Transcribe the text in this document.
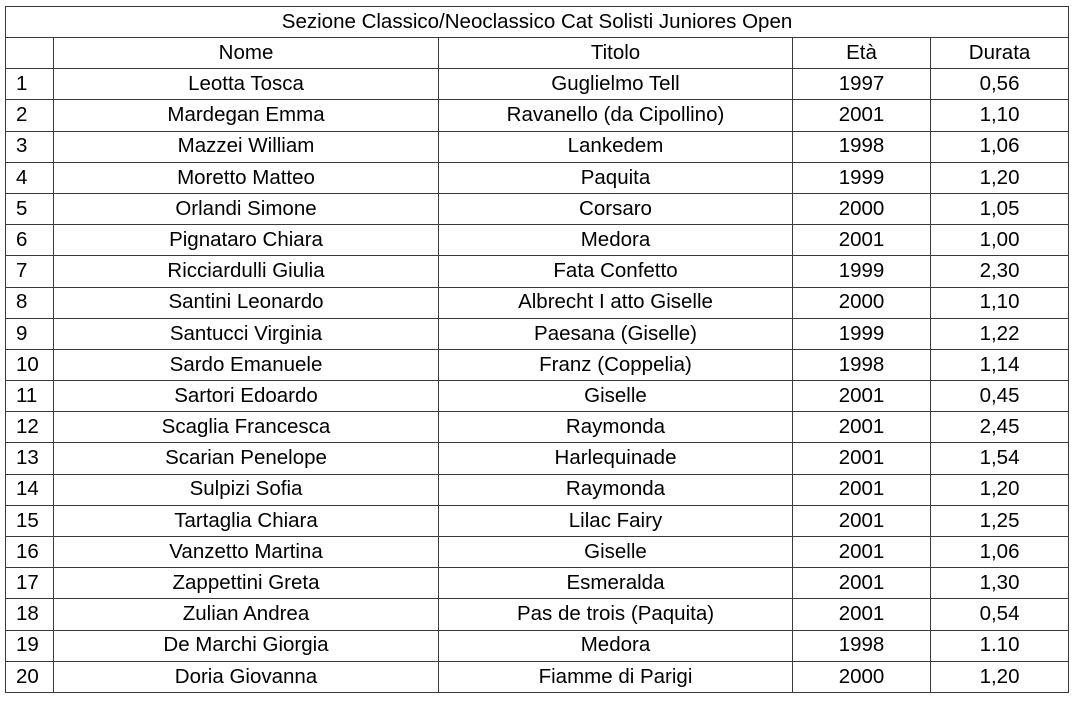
Sezione Classico/Neoclassico Cat Solisti Juniores Open				
	Nome	Titolo	Età	Durata
1	Leotta Tosca	Guglielmo Tell	1997	0,56
2	Mardegan Emma	Ravanello (da Cipollino)	2001	1,10
3	Mazzei William	Lankedem	1998	1,06
4	Moretto Matteo	Paquita	1999	1,20
5	Orlandi Simone	Corsaro	2000	1,05
6	Pignataro Chiara	Medora	2001	1,00
7	Ricciardulli Giulia	Fata Confetto	1999	2,30
8	Santini Leonardo	Albrecht I atto Giselle	2000	1,10
9	Santucci Virginia	Paesana (Giselle)	1999	1,22
10	Sardo Emanuele	Franz (Coppelia)	1998	1,14
11	Sartori Edoardo	Giselle	2001	0,45
12	Scaglia Francesca	Raymonda	2001	2,45
13	Scarian Penelope	Harlequinade	2001	1,54
14	Sulpizi Sofia	Raymonda	2001	1,20
15	Tartaglia Chiara	Lilac Fairy	2001	1,25
16	Vanzetto Martina	Giselle	2001	1,06
17	Zappettini Greta	Esmeralda	2001	1,30
18	Zulian Andrea	Pas de trois (Paquita)	2001	0,54
19	De Marchi Giorgia	Medora	1998	1.10
20	Doria Giovanna	Fiamme di Parigi	2000	1,20
